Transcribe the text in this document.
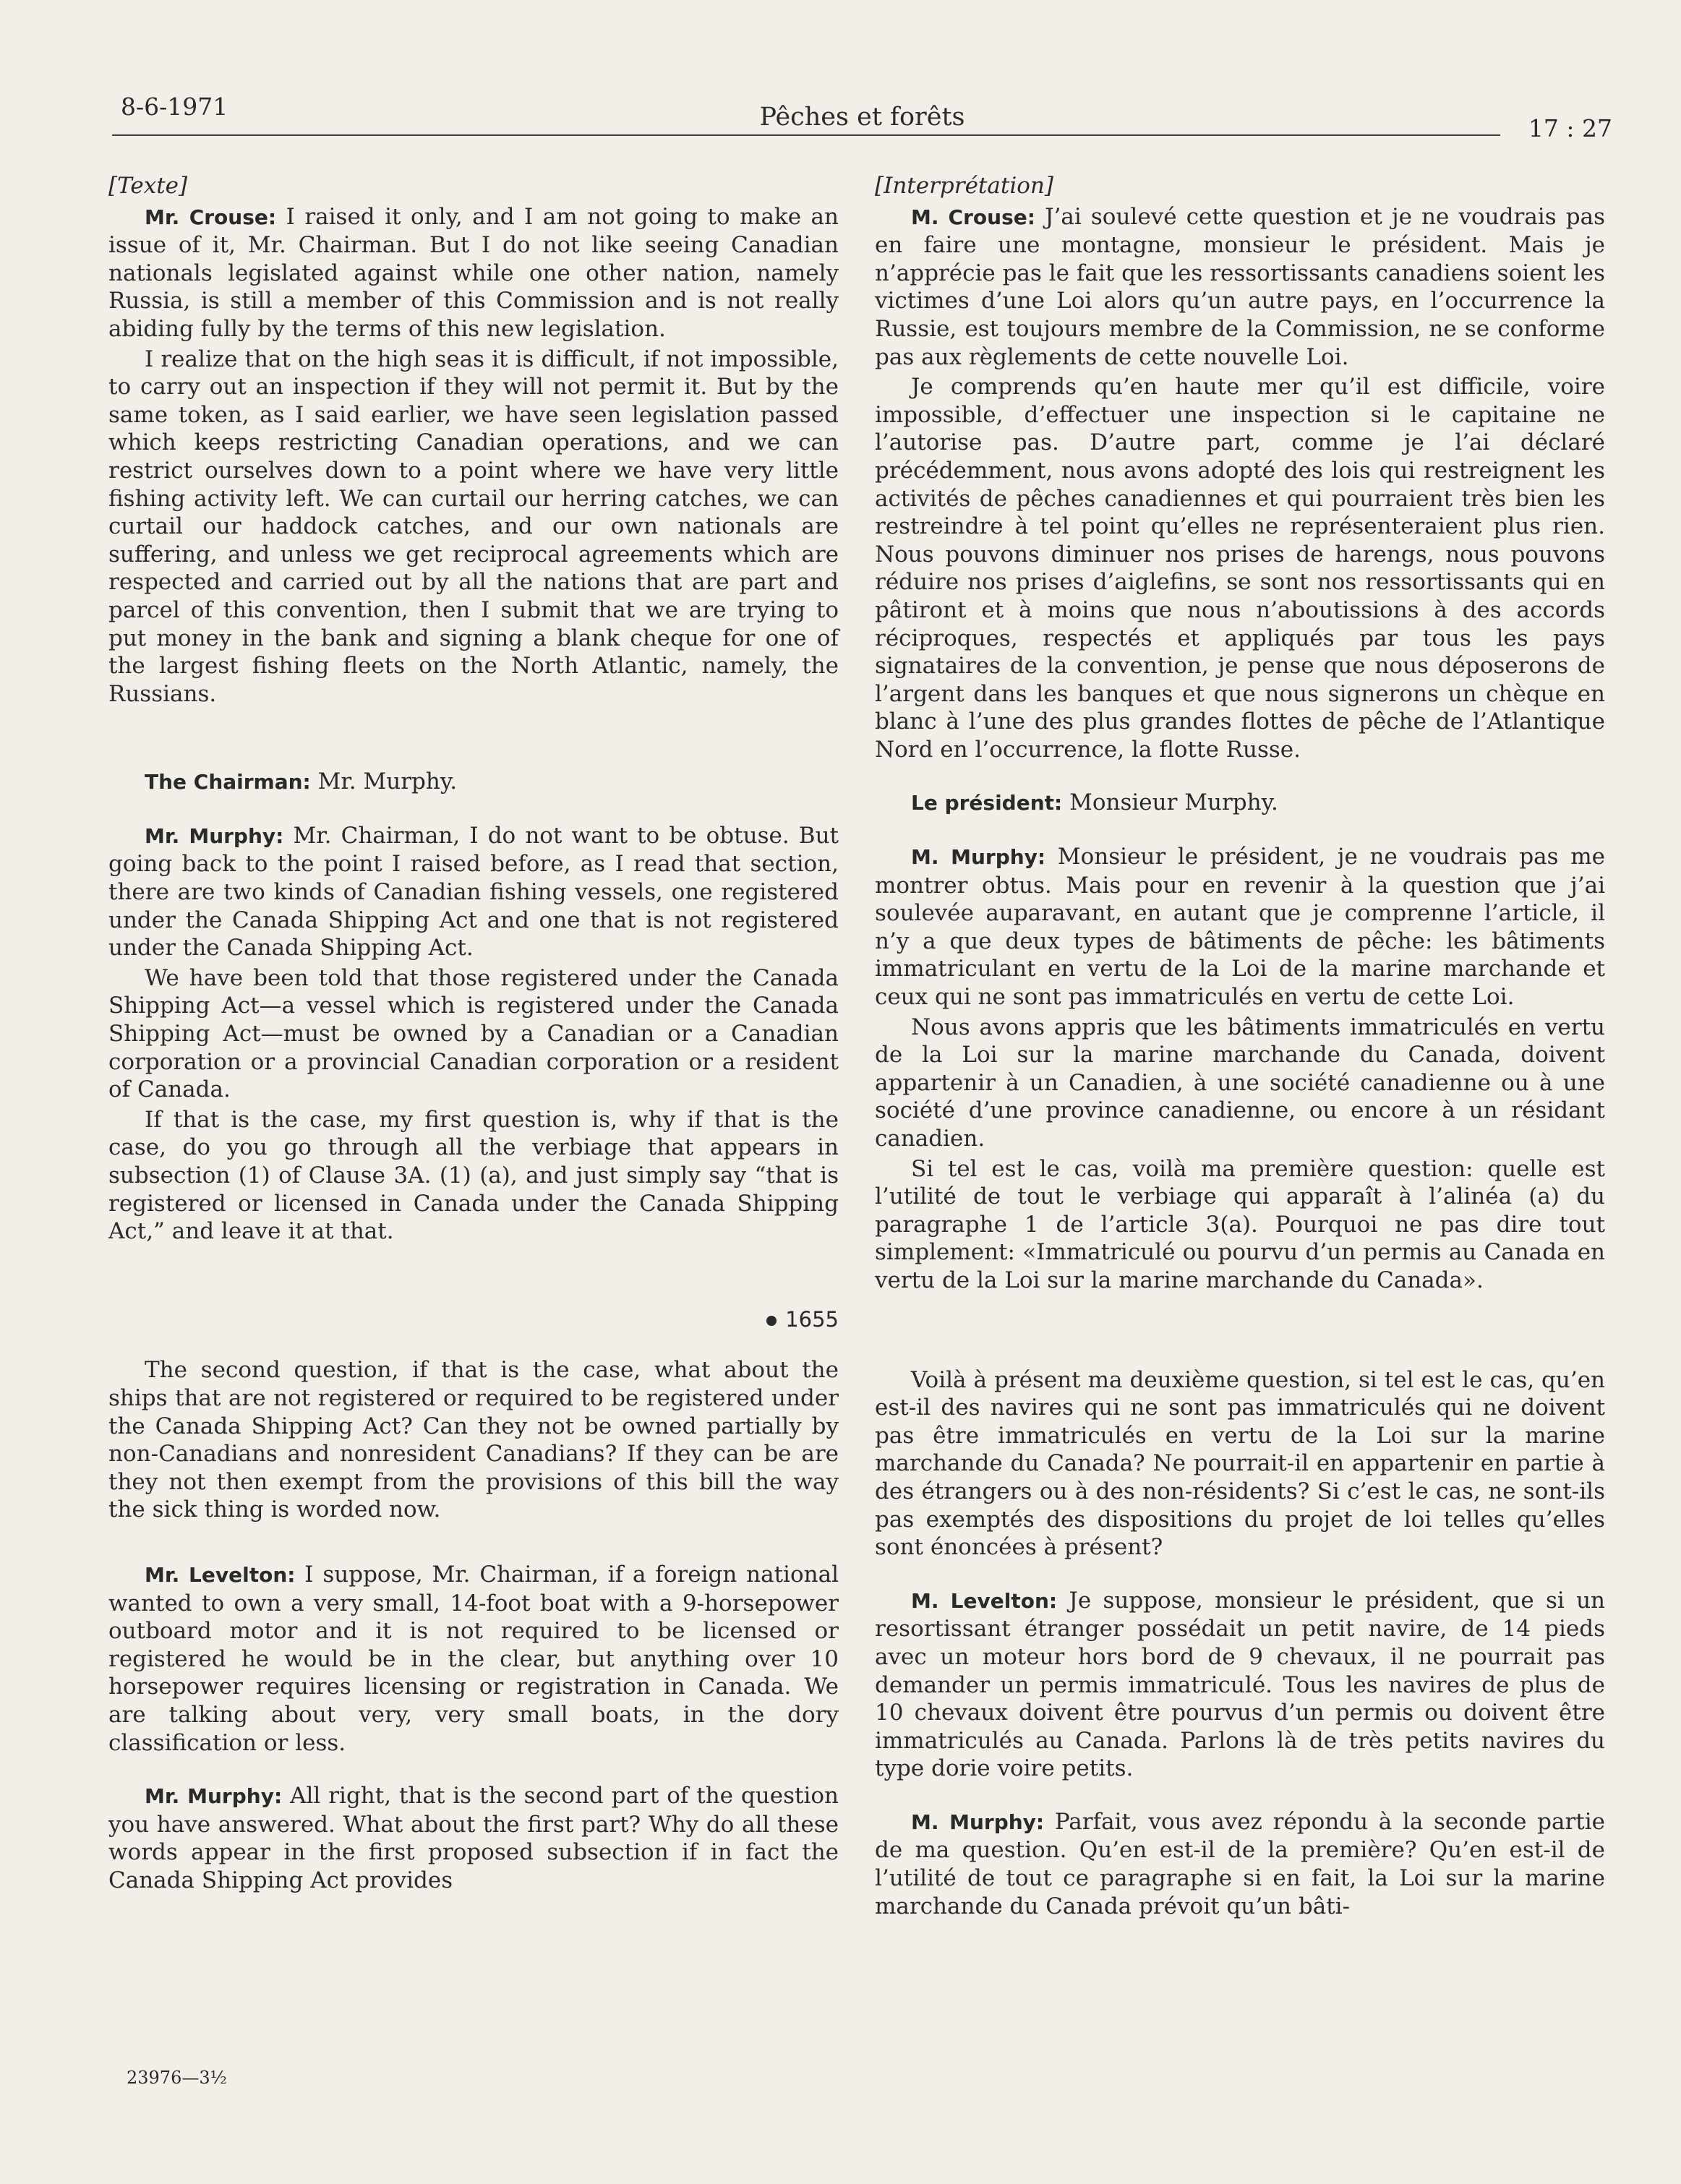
8-6-1971	Pêches et forêts	17 : 27
[Texte]

Mr. Crouse: I raised it only, and I am not going to make an issue of it, Mr. Chairman. But I do not like seeing Canadian nationals legislated against while one other nation, namely Russia, is still a member of this Commission and is not really abiding fully by the terms of this new legislation.

I realize that on the high seas it is difficult, if not impossible, to carry out an inspection if they will not permit it. But by the same token, as I said earlier, we have seen legislation passed which keeps restricting Canadian operations, and we can restrict ourselves down to a point where we have very little fishing activity left. We can curtail our herring catches, we can curtail our haddock catches, and our own nationals are suffering, and unless we get reciprocal agreements which are respected and carried out by all the nations that are part and parcel of this convention, then I submit that we are trying to put money in the bank and signing a blank cheque for one of the largest fishing fleets on the North Atlantic, namely, the Russians.

The Chairman: Mr. Murphy.

Mr. Murphy: Mr. Chairman, I do not want to be obtuse. But going back to the point I raised before, as I read that section, there are two kinds of Canadian fishing vessels, one registered under the Canada Shipping Act and one that is not registered under the Canada Shipping Act.

We have been told that those registered under the Canada Shipping Act—a vessel which is registered under the Canada Shipping Act—must be owned by a Canadian or a Canadian corporation or a provincial Canadian corporation or a resident of Canada.

If that is the case, my first question is, why if that is the case, do you go through all the verbiage that appears in subsection (1) of Clause 3A. (1) (a), and just simply say “that is registered or licensed in Canada under the Canada Shipping Act,” and leave it at that.

1655

The second question, if that is the case, what about the ships that are not registered or required to be registered under the Canada Shipping Act? Can they not be owned partially by non-Canadians and nonresident Canadians? If they can be are they not then exempt from the provisions of this bill the way the sick thing is worded now.

Mr. Levelton: I suppose, Mr. Chairman, if a foreign national wanted to own a very small, 14-foot boat with a 9-horsepower outboard motor and it is not required to be licensed or registered he would be in the clear, but anything over 10 horsepower requires licensing or registration in Canada. We are talking about very, very small boats, in the dory classification or less.

Mr. Murphy: All right, that is the second part of the question you have answered. What about the first part? Why do all these words appear in the first proposed subsection if in fact the Canada Shipping Act provides

[Interprétation]

M. Crouse: J’ai soulevé cette question et je ne voudrais pas en faire une montagne, monsieur le président. Mais je n’apprécie pas le fait que les ressortissants canadiens soient les victimes d’une Loi alors qu’un autre pays, en l’occurrence la Russie, est toujours membre de la Commission, ne se conforme pas aux règlements de cette nouvelle Loi.

Je comprends qu’en haute mer qu’il est difficile, voire impossible, d’effectuer une inspection si le capitaine ne l’autorise pas. D’autre part, comme je l’ai déclaré précédemment, nous avons adopté des lois qui restreignent les activités de pêches canadiennes et qui pourraient très bien les restreindre à tel point qu’elles ne représenteraient plus rien. Nous pouvons diminuer nos prises de harengs, nous pouvons réduire nos prises d’aiglefins, se sont nos ressortissants qui en pâtiront et à moins que nous n’aboutissions à des accords réciproques, respectés et appliqués par tous les pays signataires de la convention, je pense que nous déposerons de l’argent dans les banques et que nous signerons un chèque en blanc à l’une des plus grandes flottes de pêche de l’Atlantique Nord en l’occurrence, la flotte Russe.

Le président: Monsieur Murphy.

M. Murphy: Monsieur le président, je ne voudrais pas me montrer obtus. Mais pour en revenir à la question que j’ai soulevée auparavant, en autant que je comprenne l’article, il n’y a que deux types de bâtiments de pêche: les bâtiments immatriculant en vertu de la Loi de la marine marchande et ceux qui ne sont pas immatriculés en vertu de cette Loi.

Nous avons appris que les bâtiments immatriculés en vertu de la Loi sur la marine marchande du Canada, doivent appartenir à un Canadien, à une société canadienne ou à une société d’une province canadienne, ou encore à un résidant canadien.

Si tel est le cas, voilà ma première question: quelle est l’utilité de tout le verbiage qui apparaît à l’alinéa (a) du paragraphe 1 de l’article 3(a). Pourquoi ne pas dire tout simplement: «Immatriculé ou pourvu d’un permis au Canada en vertu de la Loi sur la marine marchande du Canada».

Voilà à présent ma deuxième question, si tel est le cas, qu’en est-il des navires qui ne sont pas immatriculés qui ne doivent pas être immatriculés en vertu de la Loi sur la marine marchande du Canada? Ne pourrait-il en appartenir en partie à des étrangers ou à des non-résidents? Si c’est le cas, ne sont-ils pas exemptés des dispositions du projet de loi telles qu’elles sont énoncées à présent?

M. Levelton: Je suppose, monsieur le président, que si un resortissant étranger possédait un petit navire, de 14 pieds avec un moteur hors bord de 9 chevaux, il ne pourrait pas demander un permis immatriculé. Tous les navires de plus de 10 chevaux doivent être pourvus d’un permis ou doivent être immatriculés au Canada. Parlons là de très petits navires du type dorie voire petits.

M. Murphy: Parfait, vous avez répondu à la seconde partie de ma question. Qu’en est-il de la première? Qu’en est-il de l’utilité de tout ce paragraphe si en fait, la Loi sur la marine marchande du Canada prévoit qu’un bâti-

23976—3½
